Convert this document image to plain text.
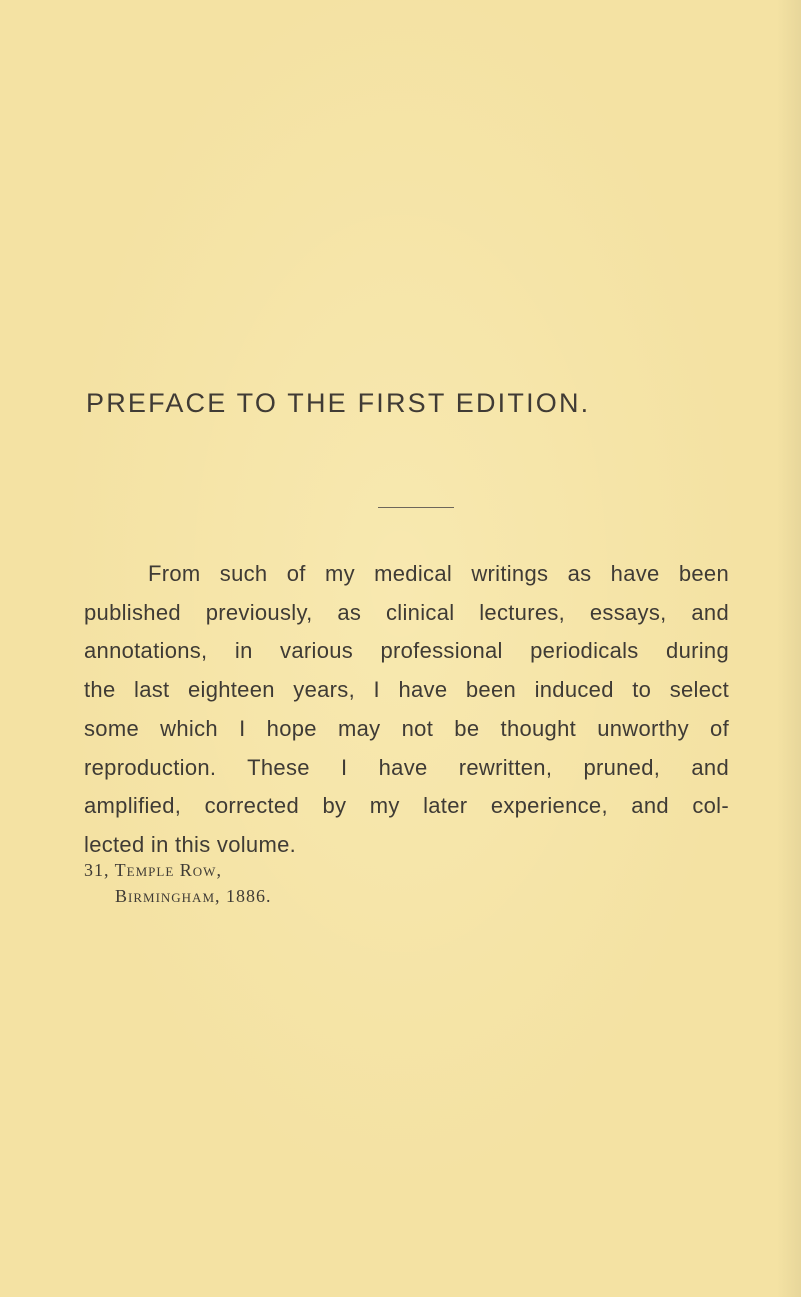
PREFACE TO THE FIRST EDITION.
From such of my medical writings as have been
published previously, as clinical lectures, essays, and
annotations, in various professional periodicals during
the last eighteen years, I have been induced to select
some which I hope may not be thought unworthy of
reproduction. These I have rewritten, pruned, and
amplified, corrected by my later experience, and col-
lected in this volume.
31, Temple Row,
Birmingham, 1886.
